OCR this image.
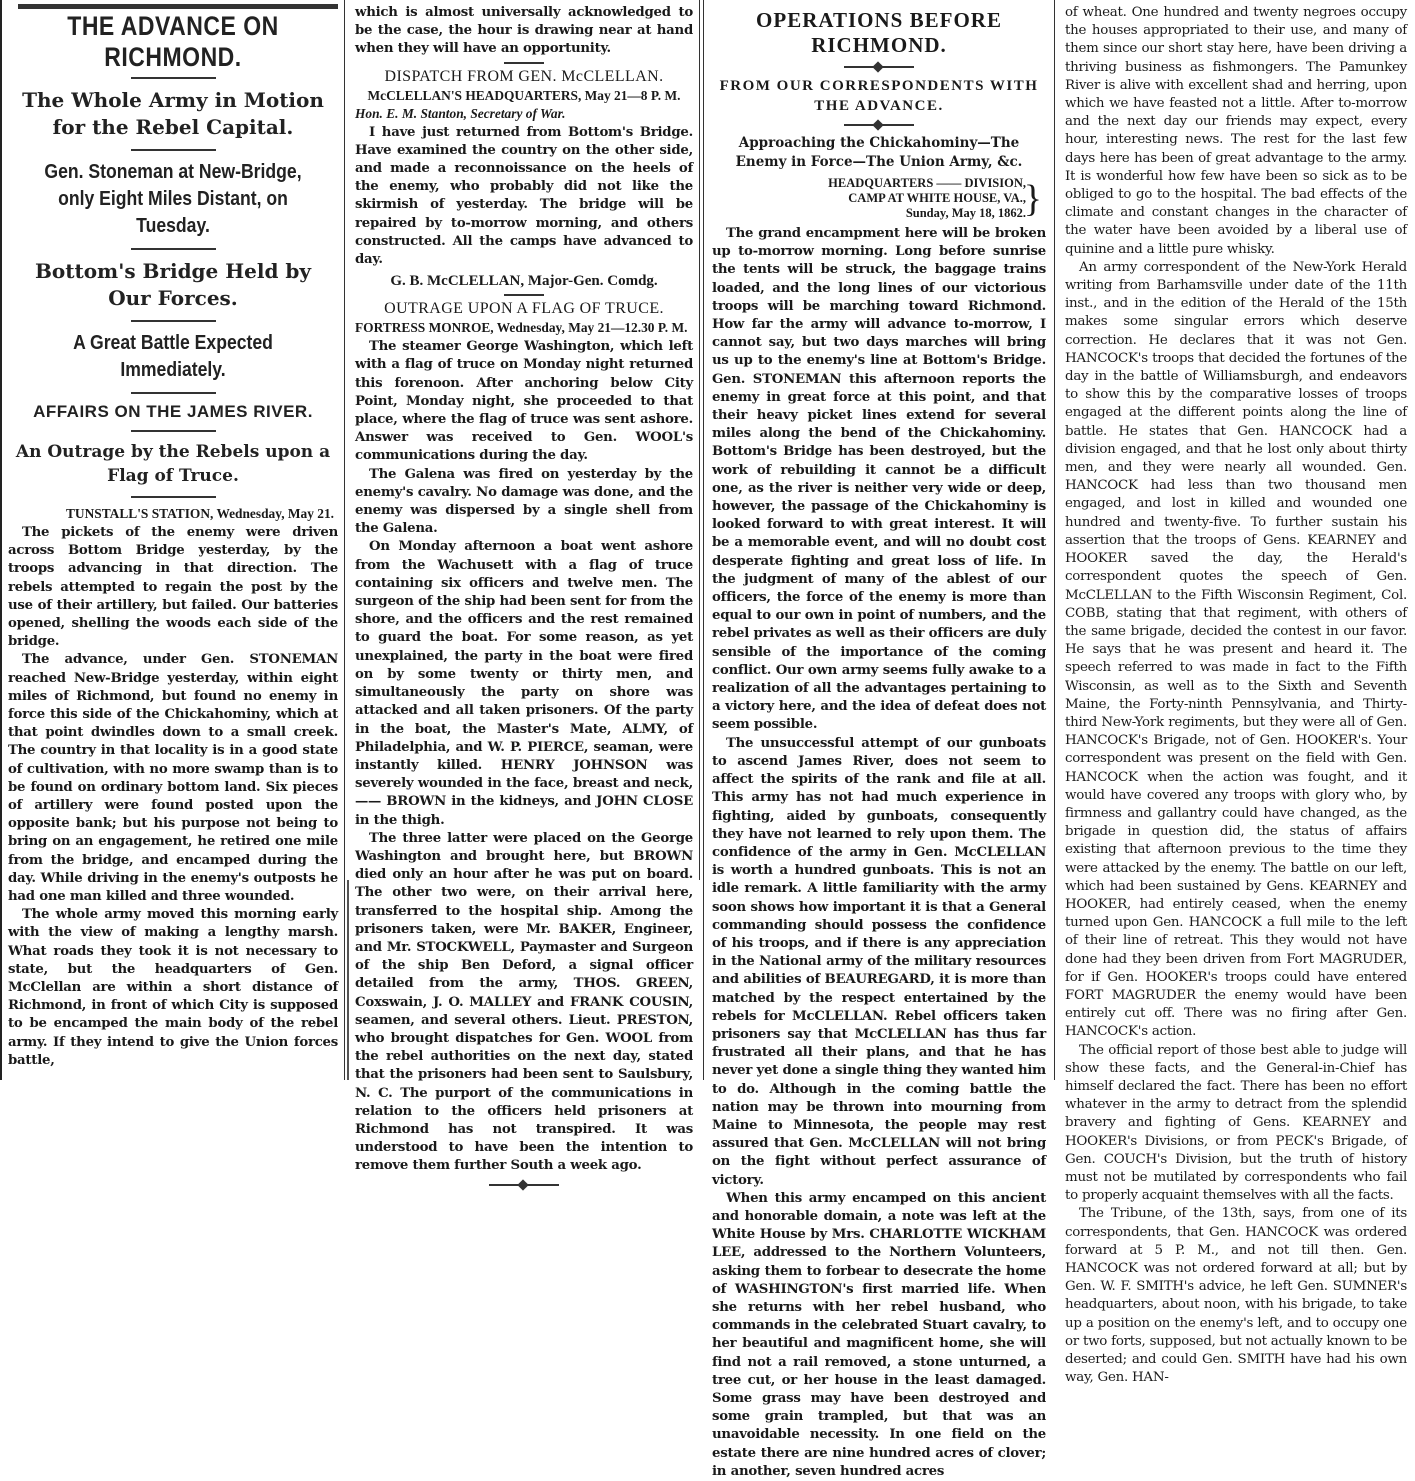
THE ADVANCE ON RICHMOND.
The Whole Army in Motion for the Rebel Capital.
Gen. Stoneman at New-Bridge, only Eight Miles Distant, on Tuesday.
Bottom's Bridge Held by Our Forces.
A Great Battle Expected Immediately.
AFFAIRS ON THE JAMES RIVER.
An Outrage by the Rebels upon a Flag of Truce.
TUNSTALL'S STATION, Wednesday, May 21.

The pickets of the enemy were driven across Bottom Bridge yesterday, by the troops advancing in that direction. The rebels attempted to regain the post by the use of their artillery, but failed. Our batteries opened, shelling the woods each side of the bridge.

The advance, under Gen. STONEMAN reached New-Bridge yesterday, within eight miles of Richmond, but found no enemy in force this side of the Chickahominy, which at that point dwindles down to a small creek. The country in that locality is in a good state of cultivation, with no more swamp than is to be found on ordinary bottom land. Six pieces of artillery were found posted upon the opposite bank; but his purpose not being to bring on an engagement, he retired one mile from the bridge, and encamped during the day. While driving in the enemy's outposts he had one man killed and three wounded.

The whole army moved this morning early with the view of making a lengthy marsh. What roads they took it is not necessary to state, but the headquarters of Gen. McClellan are within a short distance of Richmond, in front of which City is supposed to be encamped the main body of the rebel army. If they intend to give the Union forces battle,

which is almost universally acknowledged to be the case, the hour is drawing near at hand when they will have an opportunity.

DISPATCH FROM GEN. McCLELLAN.
McCLELLAN'S HEADQUARTERS, May 21—8 P. M.
Hon. E. M. Stanton, Secretary of War.

I have just returned from Bottom's Bridge. Have examined the country on the other side, and made a reconnoissance on the heels of the enemy, who probably did not like the skirmish of yesterday. The bridge will be repaired by to-morrow morning, and others constructed. All the camps have advanced to day.

G. B. McCLELLAN, Major-Gen. Comdg.
OUTRAGE UPON A FLAG OF TRUCE.
FORTRESS MONROE, Wednesday, May 21—12.30 P. M.

The steamer George Washington, which left with a flag of truce on Monday night returned this forenoon. After anchoring below City Point, Monday night, she proceeded to that place, where the flag of truce was sent ashore. Answer was received to Gen. WOOL's communications during the day.

The Galena was fired on yesterday by the enemy's cavalry. No damage was done, and the enemy was dispersed by a single shell from the Galena.

On Monday afternoon a boat went ashore from the Wachusett with a flag of truce containing six officers and twelve men. The surgeon of the ship had been sent for from the shore, and the officers and the rest remained to guard the boat. For some reason, as yet unexplained, the party in the boat were fired on by some twenty or thirty men, and simultaneously the party on shore was attacked and all taken prisoners. Of the party in the boat, the Master's Mate, ALMY, of Philadelphia, and W. P. PIERCE, seaman, were instantly killed. HENRY JOHNSON was severely wounded in the face, breast and neck, —— BROWN in the kidneys, and JOHN CLOSE in the thigh.

The three latter were placed on the George Washington and brought here, but BROWN died only an hour after he was put on board. The other two were, on their arrival here, transferred to the hospital ship. Among the prisoners taken, were Mr. BAKER, Engineer, and Mr. STOCKWELL, Paymaster and Surgeon of the ship Ben Deford, a signal officer detailed from the army, THOS. GREEN, Coxswain, J. O. MALLEY and FRANK COUSIN, seamen, and several others. Lieut. PRESTON, who brought dispatches for Gen. WOOL from the rebel authorities on the next day, stated that the prisoners had been sent to Saulsbury, N. C. The purport of the communications in relation to the officers held prisoners at Richmond has not transpired. It was understood to have been the intention to remove them further South a week ago.

OPERATIONS BEFORE RICHMOND.
FROM OUR CORRESPONDENTS WITH THE ADVANCE.
Approaching the Chickahominy—The Enemy in Force—The Union Army, &c.
HEADQUARTERS —— DIVISION,
CAMP AT WHITE HOUSE, VA.,
Sunday, May 18, 1862.
}

The grand encampment here will be broken up to-morrow morning. Long before sunrise the tents will be struck, the baggage trains loaded, and the long lines of our victorious troops will be marching toward Richmond. How far the army will advance to-morrow, I cannot say, but two days marches will bring us up to the enemy's line at Bottom's Bridge. Gen. STONEMAN this afternoon reports the enemy in great force at this point, and that their heavy picket lines extend for several miles along the bend of the Chickahominy. Bottom's Bridge has been destroyed, but the work of rebuilding it cannot be a difficult one, as the river is neither very wide or deep, however, the passage of the Chickahominy is looked forward to with great interest. It will be a memorable event, and will no doubt cost desperate fighting and great loss of life. In the judgment of many of the ablest of our officers, the force of the enemy is more than equal to our own in point of numbers, and the rebel privates as well as their officers are duly sensible of the importance of the coming conflict. Our own army seems fully awake to a realization of all the advantages pertaining to a victory here, and the idea of defeat does not seem possible.

The unsuccessful attempt of our gunboats to ascend James River, does not seem to affect the spirits of the rank and file at all. This army has not had much experience in fighting, aided by gunboats, consequently they have not learned to rely upon them. The confidence of the army in Gen. McCLELLAN is worth a hundred gunboats. This is not an idle remark. A little familiarity with the army soon shows how important it is that a General commanding should possess the confidence of his troops, and if there is any appreciation in the National army of the military resources and abilities of BEAUREGARD, it is more than matched by the respect entertained by the rebels for McCLELLAN. Rebel officers taken prisoners say that McCLELLAN has thus far frustrated all their plans, and that he has never yet done a single thing they wanted him to do. Although in the coming battle the nation may be thrown into mourning from Maine to Minnesota, the people may rest assured that Gen. McCLELLAN will not bring on the fight without perfect assurance of victory.

When this army encamped on this ancient and honorable domain, a note was left at the White House by Mrs. CHARLOTTE WICKHAM LEE, addressed to the Northern Volunteers, asking them to forbear to desecrate the home of WASHINGTON's first married life. When she returns with her rebel husband, who commands in the celebrated Stuart cavalry, to her beautiful and magnificent home, she will find not a rail removed, a stone unturned, a tree cut, or her house in the least damaged. Some grass may have been destroyed and some grain trampled, but that was an unavoidable necessity. In one field on the estate there are nine hundred acres of clover; in another, seven hundred acres

of wheat. One hundred and twenty negroes occupy the houses appropriated to their use, and many of them since our short stay here, have been driving a thriving business as fishmongers. The Pamunkey River is alive with excellent shad and herring, upon which we have feasted not a little. After to-morrow and the next day our friends may expect, every hour, interesting news. The rest for the last few days here has been of great advantage to the army. It is wonderful how few have been so sick as to be obliged to go to the hospital. The bad effects of the climate and constant changes in the character of the water have been avoided by a liberal use of quinine and a little pure whisky.

An army correspondent of the New-York Herald writing from Barhamsville under date of the 11th inst., and in the edition of the Herald of the 15th makes some singular errors which deserve correction. He declares that it was not Gen. HANCOCK's troops that decided the fortunes of the day in the battle of Williamsburgh, and endeavors to show this by the comparative losses of troops engaged at the different points along the line of battle. He states that Gen. HANCOCK had a division engaged, and that he lost only about thirty men, and they were nearly all wounded. Gen. HANCOCK had less than two thousand men engaged, and lost in killed and wounded one hundred and twenty-five. To further sustain his assertion that the troops of Gens. KEARNEY and HOOKER saved the day, the Herald's correspondent quotes the speech of Gen. McCLELLAN to the Fifth Wisconsin Regiment, Col. COBB, stating that that regiment, with others of the same brigade, decided the contest in our favor. He says that he was present and heard it. The speech referred to was made in fact to the Fifth Wisconsin, as well as to the Sixth and Seventh Maine, the Forty-ninth Pennsylvania, and Thirty-third New-York regiments, but they were all of Gen. HANCOCK's Brigade, not of Gen. HOOKER's. Your correspondent was present on the field with Gen. HANCOCK when the action was fought, and it would have covered any troops with glory who, by firmness and gallantry could have changed, as the brigade in question did, the status of affairs existing that afternoon previous to the time they were attacked by the enemy. The battle on our left, which had been sustained by Gens. KEARNEY and HOOKER, had entirely ceased, when the enemy turned upon Gen. HANCOCK a full mile to the left of their line of retreat. This they would not have done had they been driven from Fort MAGRUDER, for if Gen. HOOKER's troops could have entered FORT MAGRUDER the enemy would have been entirely cut off. There was no firing after Gen. HANCOCK's action.

The official report of those best able to judge will show these facts, and the General-in-Chief has himself declared the fact. There has been no effort whatever in the army to detract from the splendid bravery and fighting of Gens. KEARNEY and HOOKER's Divisions, or from PECK's Brigade, of Gen. COUCH's Division, but the truth of history must not be mutilated by correspondents who fail to properly acquaint themselves with all the facts.

The Tribune, of the 13th, says, from one of its correspondents, that Gen. HANCOCK was ordered forward at 5 P. M., and not till then. Gen. HANCOCK was not ordered forward at all; but by Gen. W. F. SMITH's advice, he left Gen. SUMNER's headquarters, about noon, with his brigade, to take up a position on the enemy's left, and to occupy one or two forts, supposed, but not actually known to be deserted; and could Gen. SMITH have had his own way, Gen. HAN-
